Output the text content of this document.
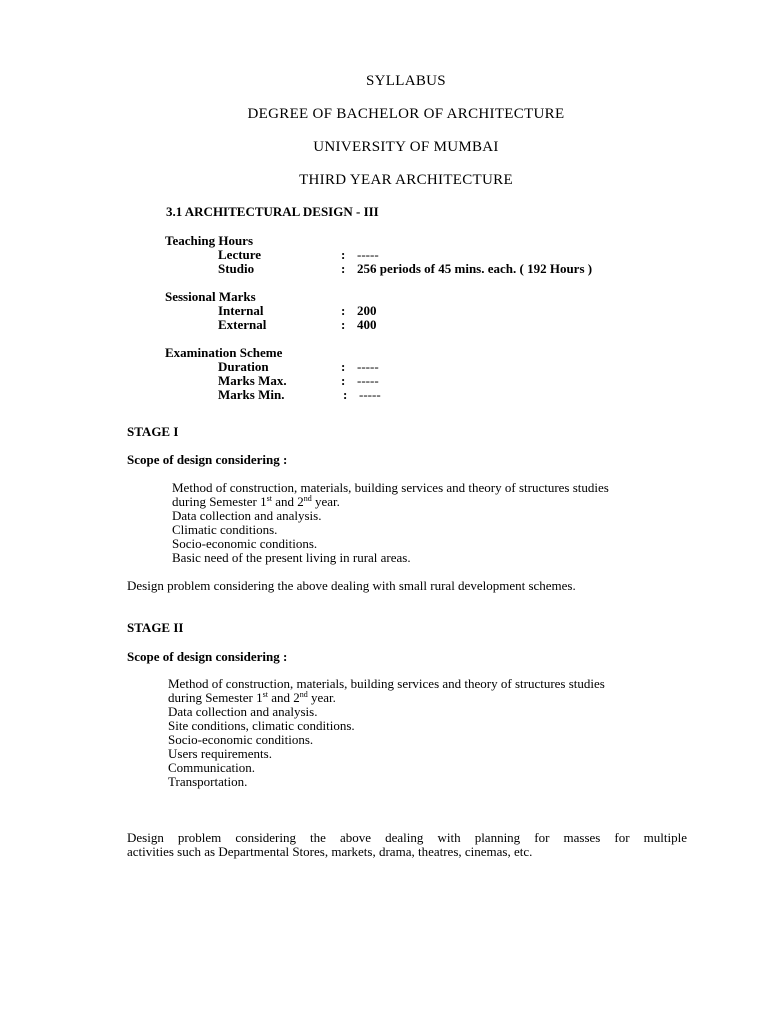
SYLLABUS
DEGREE OF BACHELOR OF ARCHITECTURE
UNIVERSITY OF MUMBAI
THIRD YEAR ARCHITECTURE
3.1 ARCHITECTURAL DESIGN - III
Teaching Hours
Lecture	: -----
Studio	: 256 periods of 45 mins. each. ( 192 Hours )
Sessional Marks
Internal	: 200
External	: 400
Examination Scheme
Duration	: -----
Marks Max.	: -----
Marks Min.	: -----
STAGE I
Scope of design considering :
Method of construction, materials, building services and theory of structures studies
during Semester 1st and 2nd year.
Data collection and analysis.
Climatic conditions.
Socio-economic conditions.
Basic need of the present living in rural areas.
Design problem considering the above dealing with small rural development schemes.
STAGE II
Scope of design considering :
Method of construction, materials, building services and theory of structures studies
during Semester 1st and 2nd year.
Data collection and analysis.
Site conditions, climatic conditions.
Socio-economic conditions.
Users requirements.
Communication.
Transportation.
Design problem considering the above dealing with planning for masses for multiple
activities such as Departmental Stores, markets, drama, theatres, cinemas, etc.
